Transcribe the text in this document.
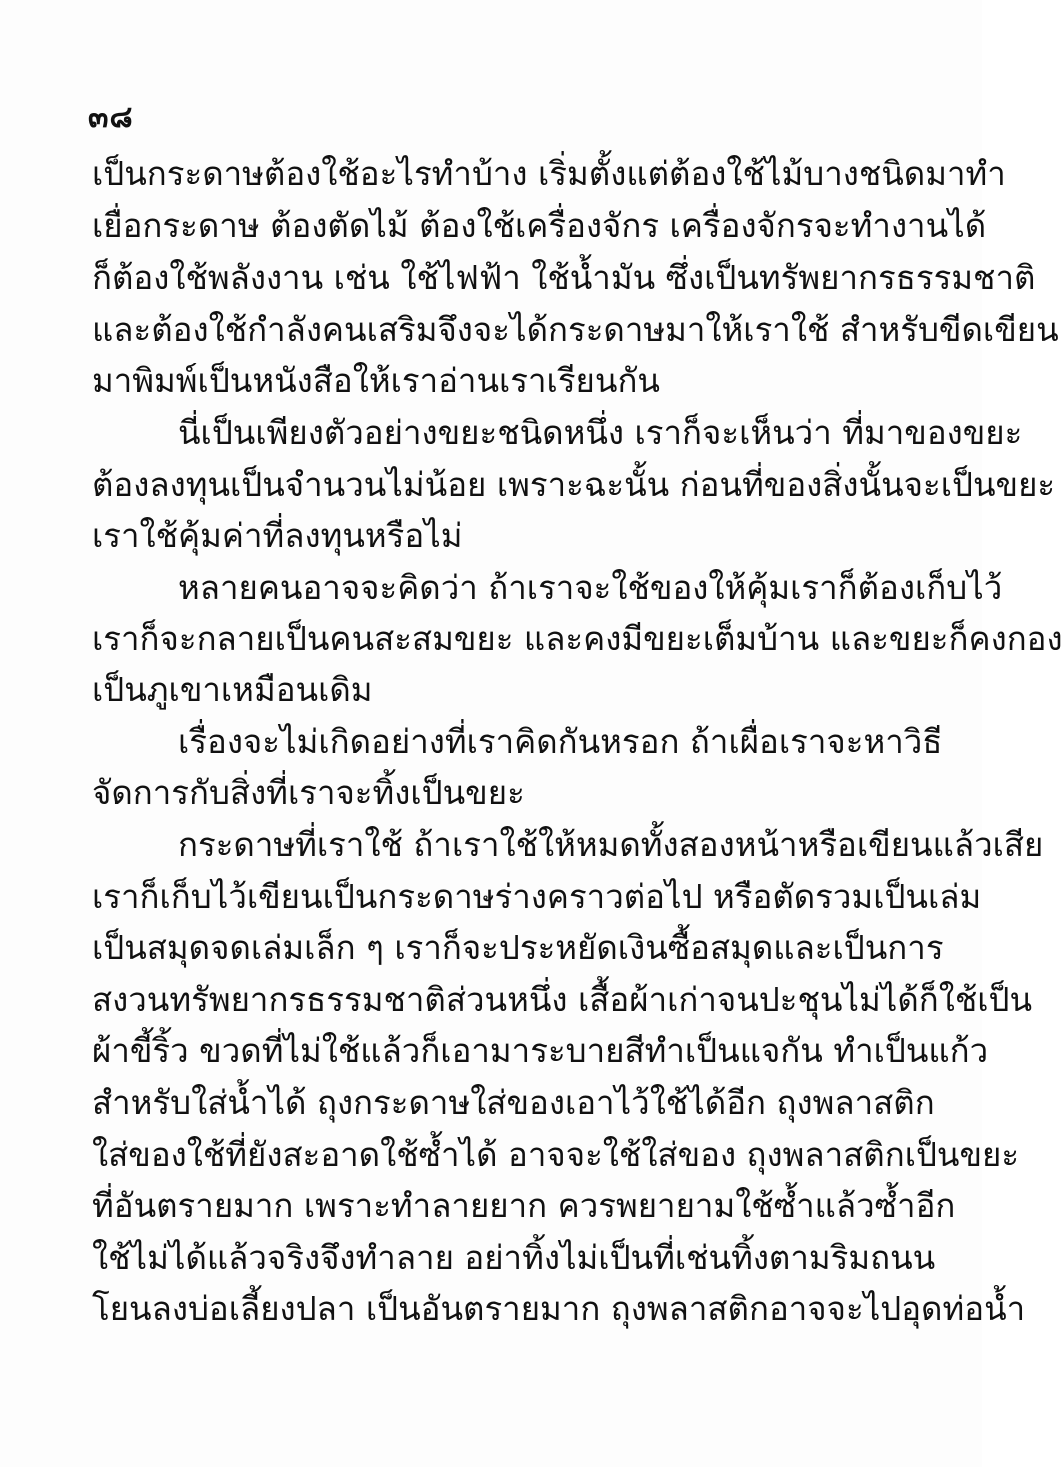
๓๘
เป็นกระดาษต้องใช้อะไรทำบ้าง เริ่มตั้งแต่ต้องใช้ไม้บางชนิดมาทำ
เยื่อกระดาษ ต้องตัดไม้ ต้องใช้เครื่องจักร เครื่องจักรจะทำงานได้
ก็ต้องใช้พลังงาน เช่น ใช้ไฟฟ้า ใช้น้ำมัน ซึ่งเป็นทรัพยากรธรรมชาติ
และต้องใช้กำลังคนเสริมจึงจะได้กระดาษมาให้เราใช้ สำหรับขีดเขียน
มาพิมพ์เป็นหนังสือให้เราอ่านเราเรียนกัน
นี่เป็นเพียงตัวอย่างขยะชนิดหนึ่ง เราก็จะเห็นว่า ที่มาของขยะ
ต้องลงทุนเป็นจำนวนไม่น้อย เพราะฉะนั้น ก่อนที่ของสิ่งนั้นจะเป็นขยะ
เราใช้คุ้มค่าที่ลงทุนหรือไม่
หลายคนอาจจะคิดว่า ถ้าเราจะใช้ของให้คุ้มเราก็ต้องเก็บไว้
เราก็จะกลายเป็นคนสะสมขยะ และคงมีขยะเต็มบ้าน และขยะก็คงกอง
เป็นภูเขาเหมือนเดิม
เรื่องจะไม่เกิดอย่างที่เราคิดกันหรอก ถ้าเผื่อเราจะหาวิธี
จัดการกับสิ่งที่เราจะทิ้งเป็นขยะ
กระดาษที่เราใช้ ถ้าเราใช้ให้หมดทั้งสองหน้าหรือเขียนแล้วเสีย
เราก็เก็บไว้เขียนเป็นกระดาษร่างคราวต่อไป หรือตัดรวมเป็นเล่ม
เป็นสมุดจดเล่มเล็ก ๆ เราก็จะประหยัดเงินซื้อสมุดและเป็นการ
สงวนทรัพยากรธรรมชาติส่วนหนึ่ง เสื้อผ้าเก่าจนปะชุนไม่ได้ก็ใช้เป็น
ผ้าขี้ริ้ว ขวดที่ไม่ใช้แล้วก็เอามาระบายสีทำเป็นแจกัน ทำเป็นแก้ว
สำหรับใส่น้ำได้ ถุงกระดาษใส่ของเอาไว้ใช้ได้อีก ถุงพลาสติก
ใส่ของใช้ที่ยังสะอาดใช้ซ้ำได้ อาจจะใช้ใส่ของ ถุงพลาสติกเป็นขยะ
ที่อันตรายมาก เพราะทำลายยาก ควรพยายามใช้ซ้ำแล้วซ้ำอีก
ใช้ไม่ได้แล้วจริงจึงทำลาย อย่าทิ้งไม่เป็นที่เช่นทิ้งตามริมถนน
โยนลงบ่อเลี้ยงปลา เป็นอันตรายมาก ถุงพลาสติกอาจจะไปอุดท่อน้ำ
